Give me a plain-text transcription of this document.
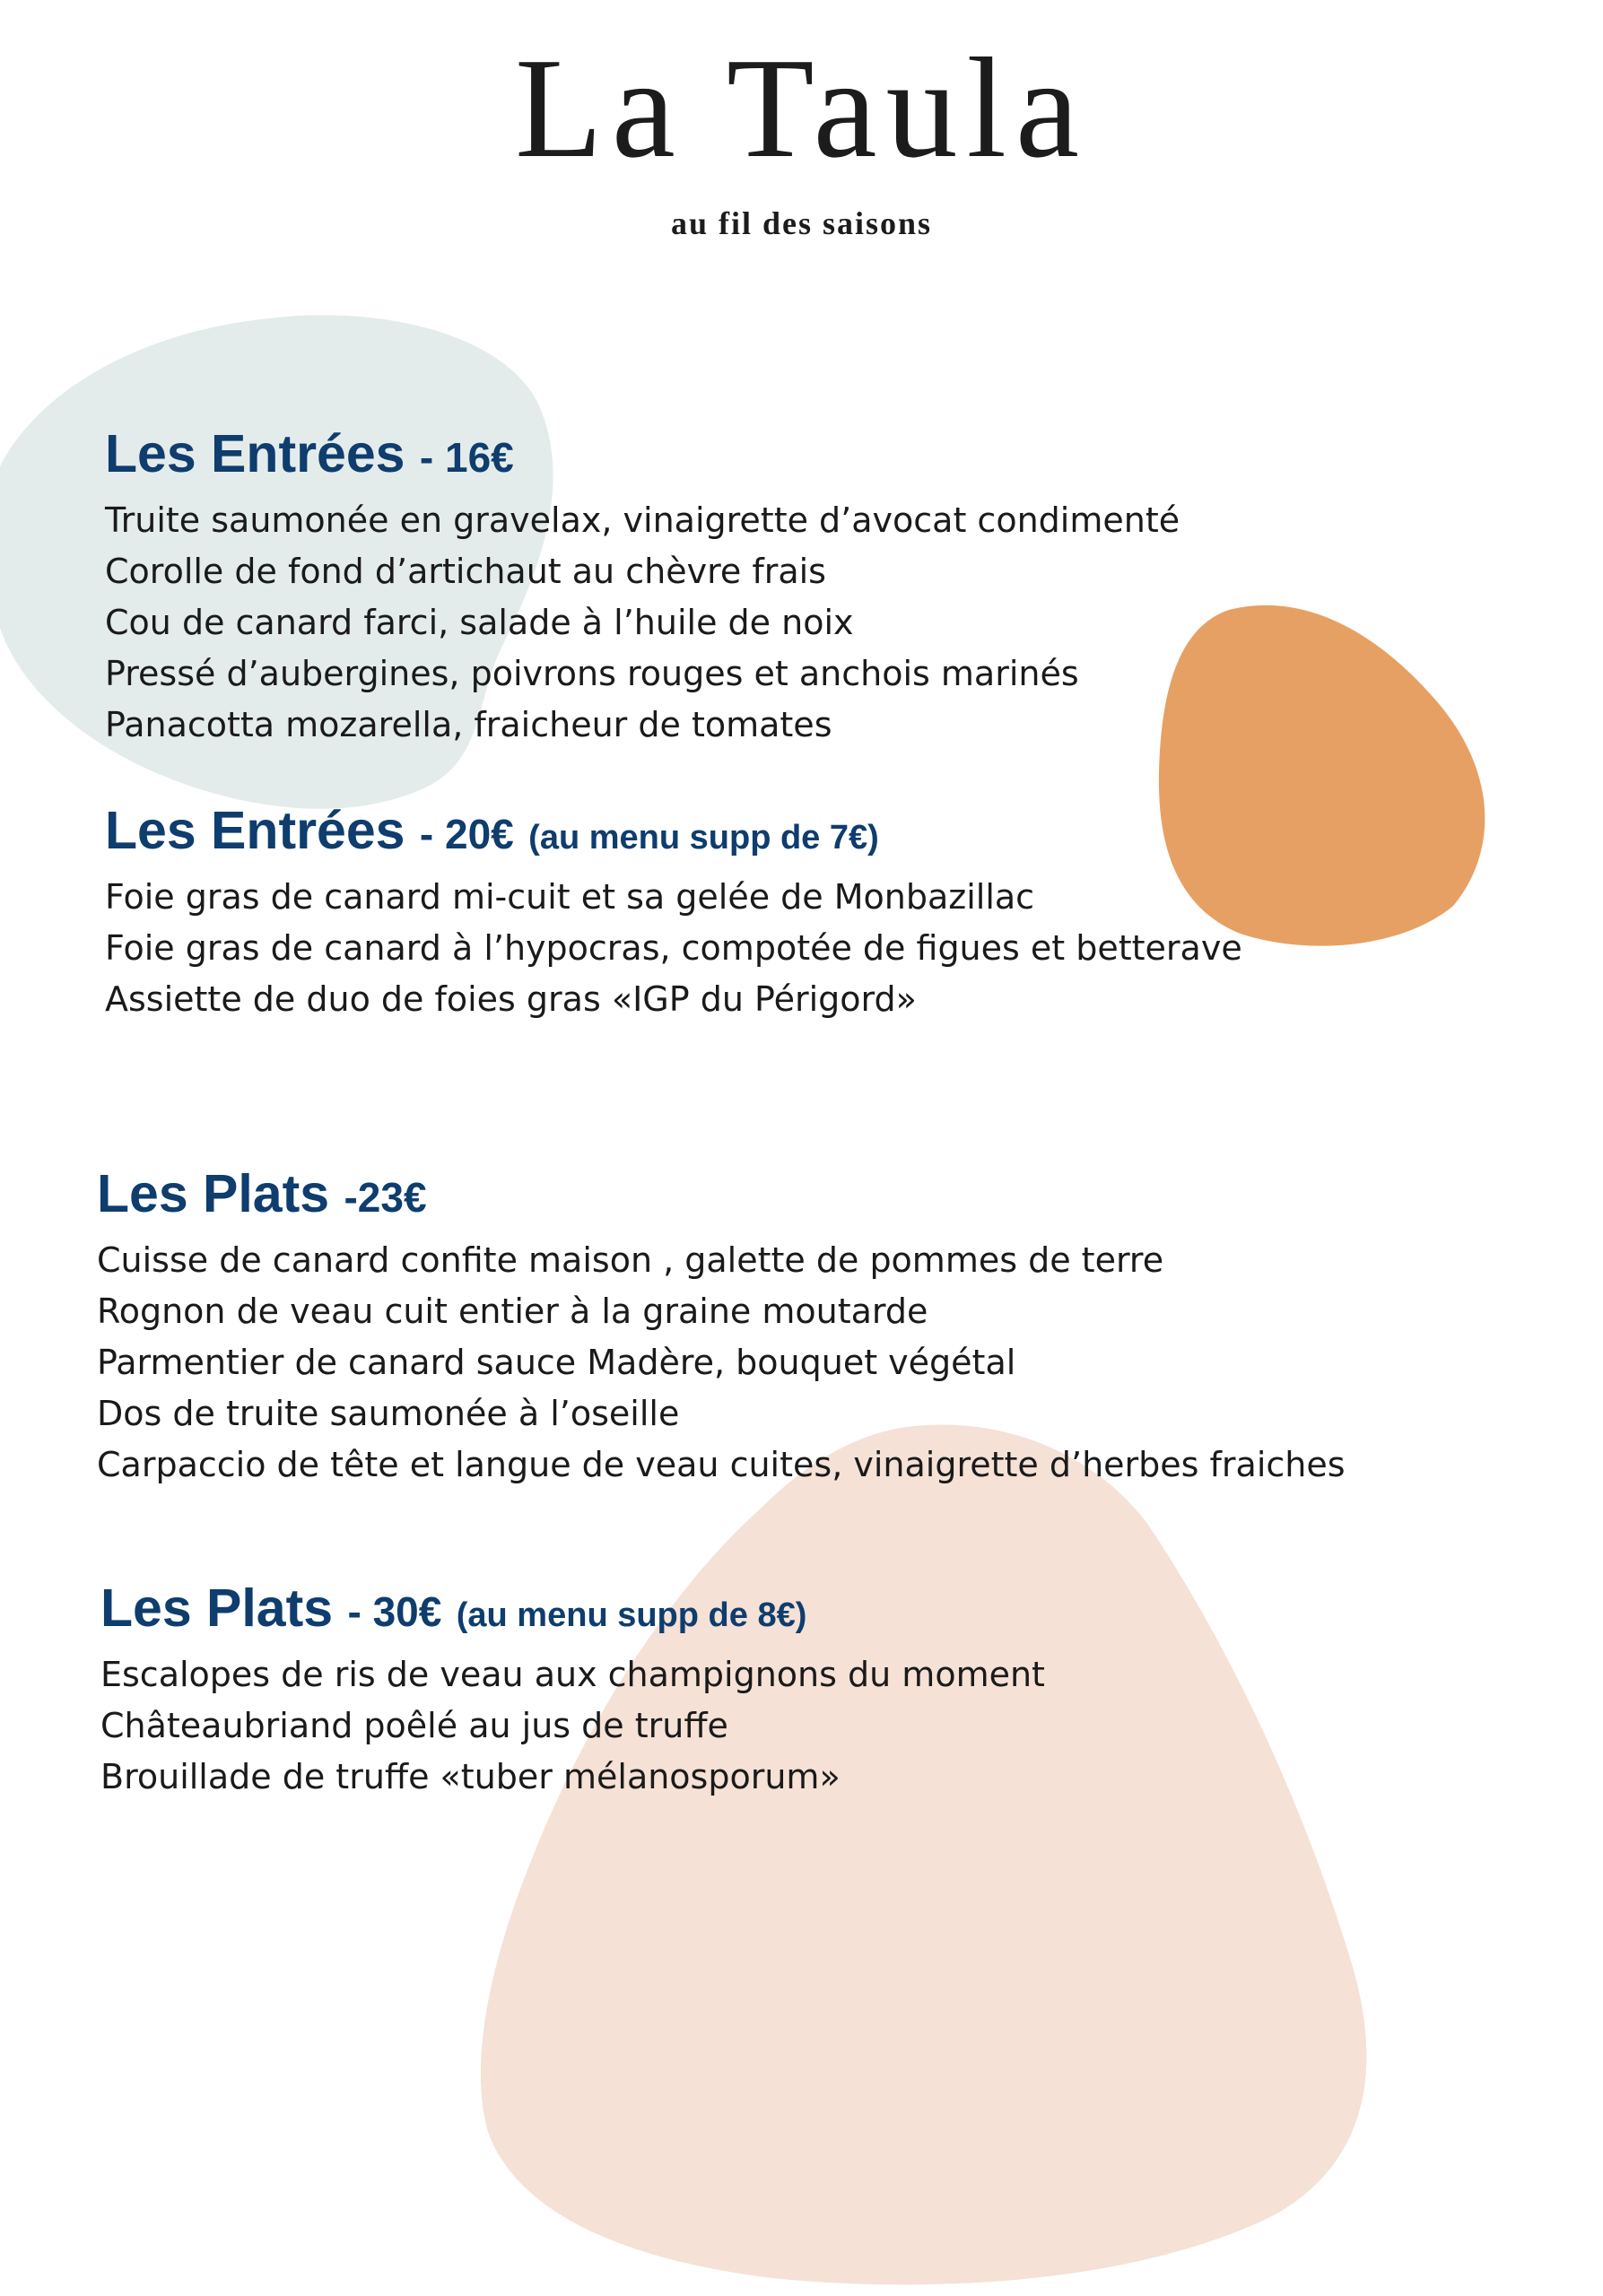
La Taula
au fil des saisons
Les Entrées - 16€
Truite saumonée en gravelax, vinaigrette d’avocat condimenté
Corolle de fond d’artichaut au chèvre frais
Cou de canard farci, salade à l’huile de noix
Pressé d’aubergines, poivrons rouges et anchois marinés
Panacotta mozarella, fraicheur de tomates
Les Entrées - 20€ (au menu supp de 7€)
Foie gras de canard mi-cuit et sa gelée de Monbazillac
Foie gras de canard à l’hypocras, compotée de figues et betterave
Assiette de duo de foies gras «IGP du Périgord»
Les Plats -23€
Cuisse de canard confite maison , galette de pommes de terre
Rognon de veau cuit entier à la graine moutarde
Parmentier de canard sauce Madère, bouquet végétal
Dos de truite saumonée à l’oseille
Carpaccio de tête et langue de veau cuites, vinaigrette d’herbes fraiches
Les Plats - 30€ (au menu supp de 8€)
Escalopes de ris de veau aux champignons du moment
Châteaubriand poêlé au jus de truffe
Brouillade de truffe «tuber mélanosporum»
